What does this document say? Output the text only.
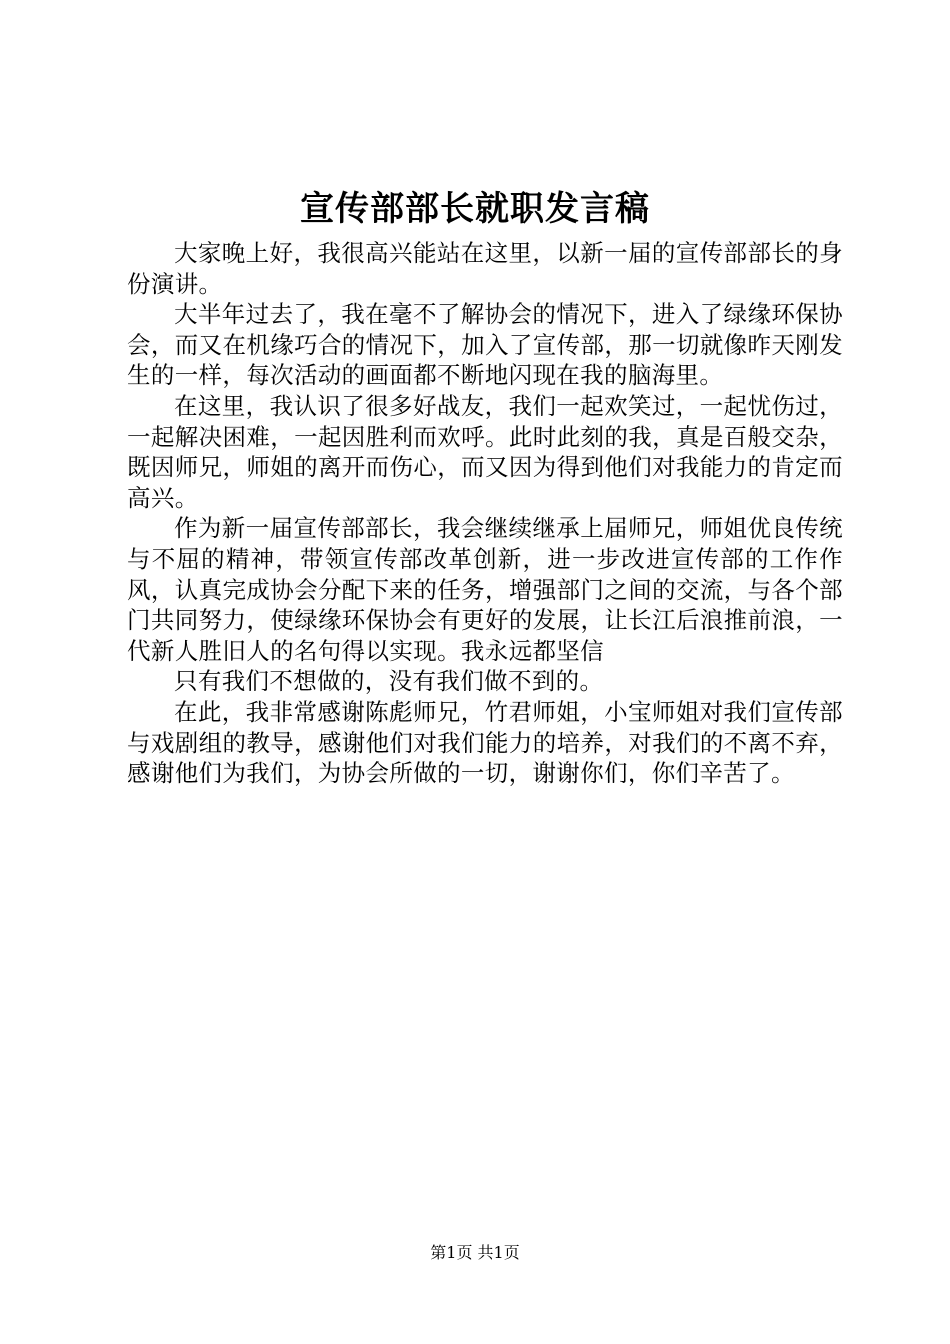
宣传部部长就职发言稿

大家晚上好，我很高兴能站在这里，以新一届的宣传部部长的身份演讲。

大半年过去了，我在毫不了解协会的情况下，进入了绿缘环保协会，而又在机缘巧合的情况下，加入了宣传部，那一切就像昨天刚发生的一样，每次活动的画面都不断地闪现在我的脑海里。

在这里，我认识了很多好战友，我们一起欢笑过，一起忧伤过，一起解决困难，一起因胜利而欢呼。此时此刻的我，真是百般交杂，既因师兄，师姐的离开而伤心，而又因为得到他们对我能力的肯定而高兴。

作为新一届宣传部部长，我会继续继承上届师兄，师姐优良传统与不屈的精神，带领宣传部改革创新，进一步改进宣传部的工作作风，认真完成协会分配下来的任务，增强部门之间的交流，与各个部门共同努力，使绿缘环保协会有更好的发展，让长江后浪推前浪，一代新人胜旧人的名句得以实现。我永远都坚信

只有我们不想做的，没有我们做不到的。

在此，我非常感谢陈彪师兄，竹君师姐，小宝师姐对我们宣传部与戏剧组的教导，感谢他们对我们能力的培养，对我们的不离不弃，感谢他们为我们，为协会所做的一切，谢谢你们，你们辛苦了。

第1页 共1页
